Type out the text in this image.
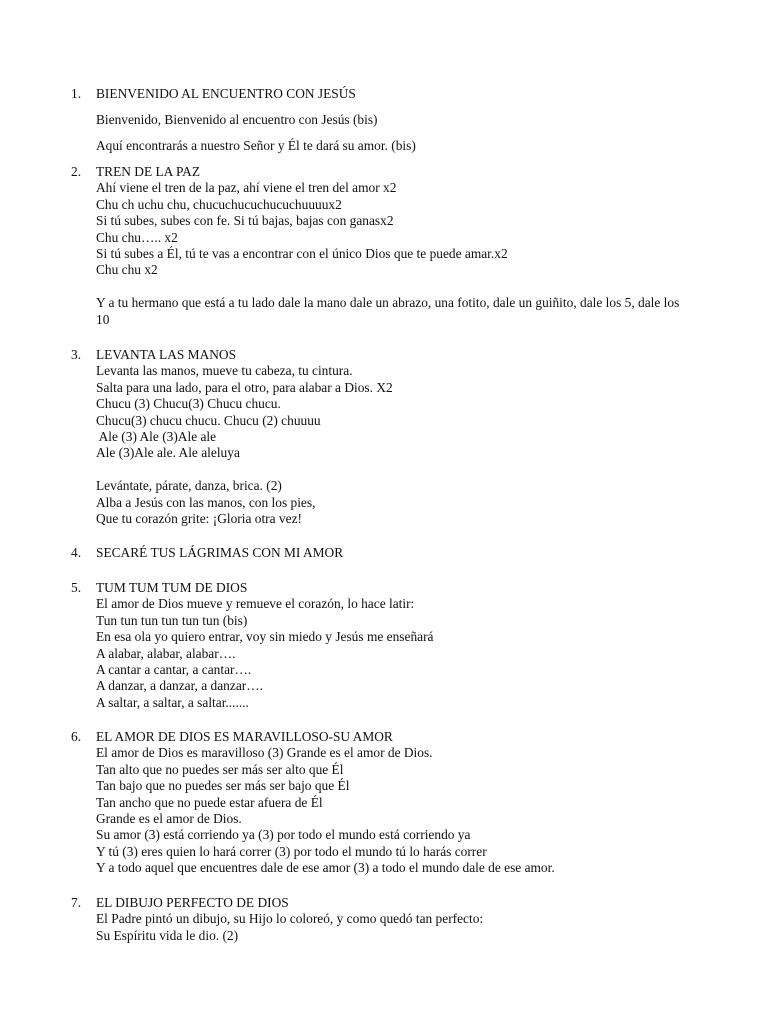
1.	BIENVENIDO AL ENCUENTRO CON JESÚS
Bienvenido, Bienvenido al encuentro con Jesús (bis)
Aquí encontrarás a nuestro Señor y Él te dará su amor. (bis)
2.	TREN DE LA PAZ
Ahí viene el tren de la paz, ahí viene el tren del amor x2
Chu ch uchu chu, chucuchucuchucuchuuuux2
Si tú subes, subes con fe. Si tú bajas, bajas con ganasx2
Chu chu….. x2
Si tú subes a Él, tú te vas a encontrar con el único Dios que te puede amar.x2
Chu chu x2
Y a tu hermano que está a tu lado dale la mano dale un abrazo, una fotito, dale un guiñito, dale los 5, dale los 10
3.	LEVANTA LAS MANOS
Levanta las manos, mueve tu cabeza, tu cintura.
Salta para una lado, para el otro, para alabar a Dios. X2
Chucu (3) Chucu(3) Chucu chucu.
Chucu(3) chucu chucu. Chucu (2) chuuuu
Ale (3) Ale (3)Ale ale
Ale (3)Ale ale. Ale aleluya
Levántate, párate, danza, brica. (2)
Alba a Jesús con las manos, con los pies,
Que tu corazón grite: ¡Gloria otra vez!
4.	SECARÉ TUS LÁGRIMAS CON MI AMOR
5.	TUM TUM TUM DE DIOS
El amor de Dios mueve y remueve el corazón, lo hace latir:
Tun tun tun tun tun tun (bis)
En esa ola yo quiero entrar, voy sin miedo y Jesús me enseñará
A alabar, alabar, alabar….
A cantar a cantar, a cantar….
A danzar, a danzar, a danzar….
A saltar, a saltar, a saltar.......
6.	EL AMOR DE DIOS ES MARAVILLOSO-SU AMOR
El amor de Dios es maravilloso (3) Grande es el amor de Dios.
Tan alto que no puedes ser más ser alto que Él
Tan bajo que no puedes ser más ser bajo que Él
Tan ancho que no puede estar afuera de Él
Grande es el amor de Dios.
Su amor (3) está corriendo ya (3) por todo el mundo está corriendo ya
Y tú (3) eres quien lo hará correr (3) por todo el mundo tú lo harás correr
Y a todo aquel que encuentres dale de ese amor (3) a todo el mundo dale de ese amor.
7.	EL DIBUJO PERFECTO DE DIOS
El Padre pintó un dibujo, su Hijo lo coloreó, y como quedó tan perfecto:
Su Espíritu vida le dio. (2)
